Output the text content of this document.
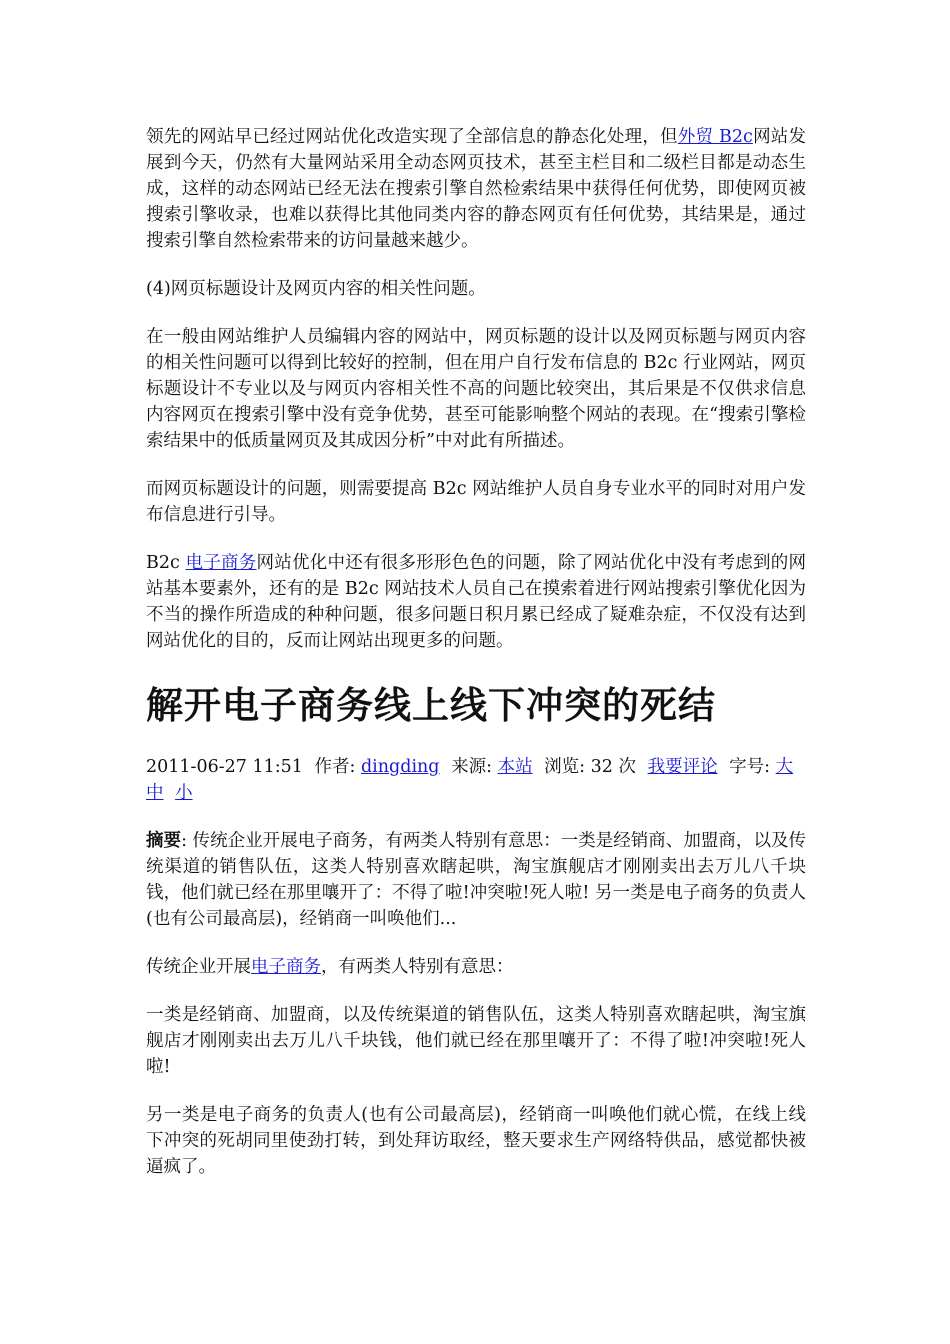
领先的网站早已经过网站优化改造实现了全部信息的静态化处理，但外贸 B2c网站发展到今天，仍然有大量网站采用全动态网页技术，甚至主栏目和二级栏目都是动态生成，这样的动态网站已经无法在搜索引擎自然检索结果中获得任何优势，即使网页被搜索引擎收录，也难以获得比其他同类内容的静态网页有任何优势，其结果是，通过搜索引擎自然检索带来的访问量越来越少。

(4)网页标题设计及网页内容的相关性问题。

在一般由网站维护人员编辑内容的网站中，网页标题的设计以及网页标题与网页内容的相关性问题可以得到比较好的控制，但在用户自行发布信息的 B2c 行业网站，网页标题设计不专业以及与网页内容相关性不高的问题比较突出，其后果是不仅供求信息内容网页在搜索引擎中没有竞争优势，甚至可能影响整个网站的表现。在“搜索引擎检索结果中的低质量网页及其成因分析”中对此有所描述。

而网页标题设计的问题，则需要提高 B2c 网站维护人员自身专业水平的同时对用户发布信息进行引导。

B2c 电子商务网站优化中还有很多形形色色的问题，除了网站优化中没有考虑到的网站基本要素外，还有的是 B2c 网站技术人员自己在摸索着进行网站搜索引擎优化因为不当的操作所造成的种种问题，很多问题日积月累已经成了疑难杂症，不仅没有达到网站优化的目的，反而让网站出现更多的问题。

解开电子商务线上线下冲突的死结
2011-06-27 11:51 作者: dingding 来源: 本站 浏览: 32 次 我要评论 字号: 大 中 小

摘要: 传统企业开展电子商务，有两类人特别有意思：一类是经销商、加盟商，以及传统渠道的销售队伍，这类人特别喜欢瞎起哄，淘宝旗舰店才刚刚卖出去万儿八千块钱，他们就已经在那里嚷开了：不得了啦!冲突啦!死人啦! 另一类是电子商务的负责人(也有公司最高层)，经销商一叫唤他们...

传统企业开展电子商务，有两类人特别有意思：

一类是经销商、加盟商，以及传统渠道的销售队伍，这类人特别喜欢瞎起哄，淘宝旗舰店才刚刚卖出去万儿八千块钱，他们就已经在那里嚷开了：不得了啦!冲突啦!死人啦!

另一类是电子商务的负责人(也有公司最高层)，经销商一叫唤他们就心慌，在线上线下冲突的死胡同里使劲打转，到处拜访取经，整天要求生产网络特供品，感觉都快被逼疯了。
